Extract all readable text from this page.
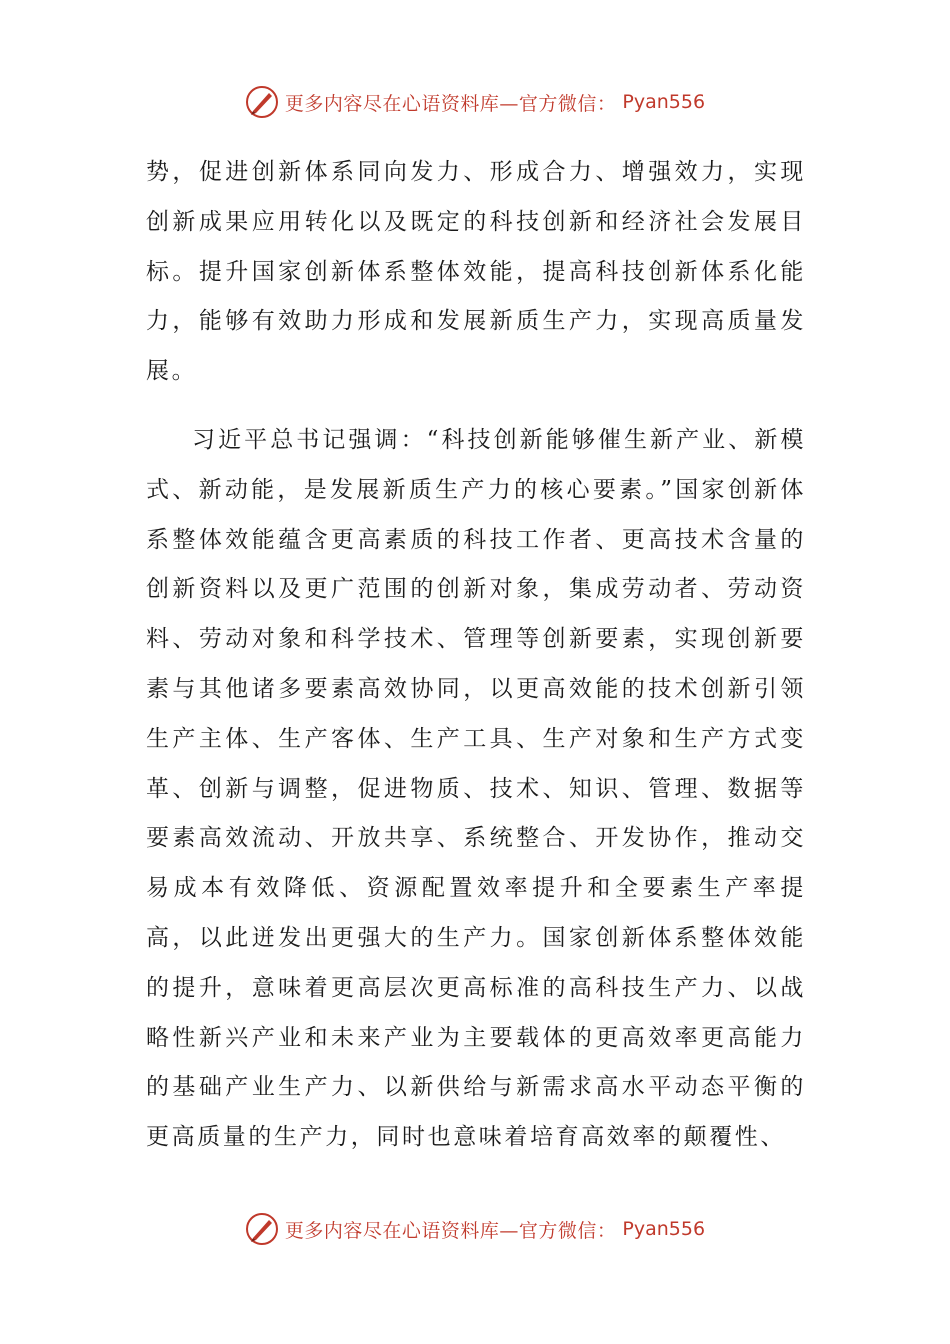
更多内容尽在心语资料库—官方微信： Pyan556

势，促进创新体系同向发力、形成合力、增强效力，实现创新成果应用转化以及既定的科技创新和经济社会发展目标。提升国家创新体系整体效能，提高科技创新体系化能力，能够有效助力形成和发展新质生产力，实现高质量发展。

习近平总书记强调：“科技创新能够催生新产业、新模式、新动能，是发展新质生产力的核心要素。”国家创新体系整体效能蕴含更高素质的科技工作者、更高技术含量的创新资料以及更广范围的创新对象，集成劳动者、劳动资料、劳动对象和科学技术、管理等创新要素，实现创新要素与其他诸多要素高效协同，以更高效能的技术创新引领生产主体、生产客体、生产工具、生产对象和生产方式变革、创新与调整，促进物质、技术、知识、管理、数据等要素高效流动、开放共享、系统整合、开发协作，推动交易成本有效降低、资源配置效率提升和全要素生产率提高，以此迸发出更强大的生产力。国家创新体系整体效能的提升，意味着更高层次更高标准的高科技生产力、以战略性新兴产业和未来产业为主要载体的更高效率更高能力的基础产业生产力、以新供给与新需求高水平动态平衡的更高质量的生产力，同时也意味着培育高效率的颠覆性、

更多内容尽在心语资料库—官方微信： Pyan556
